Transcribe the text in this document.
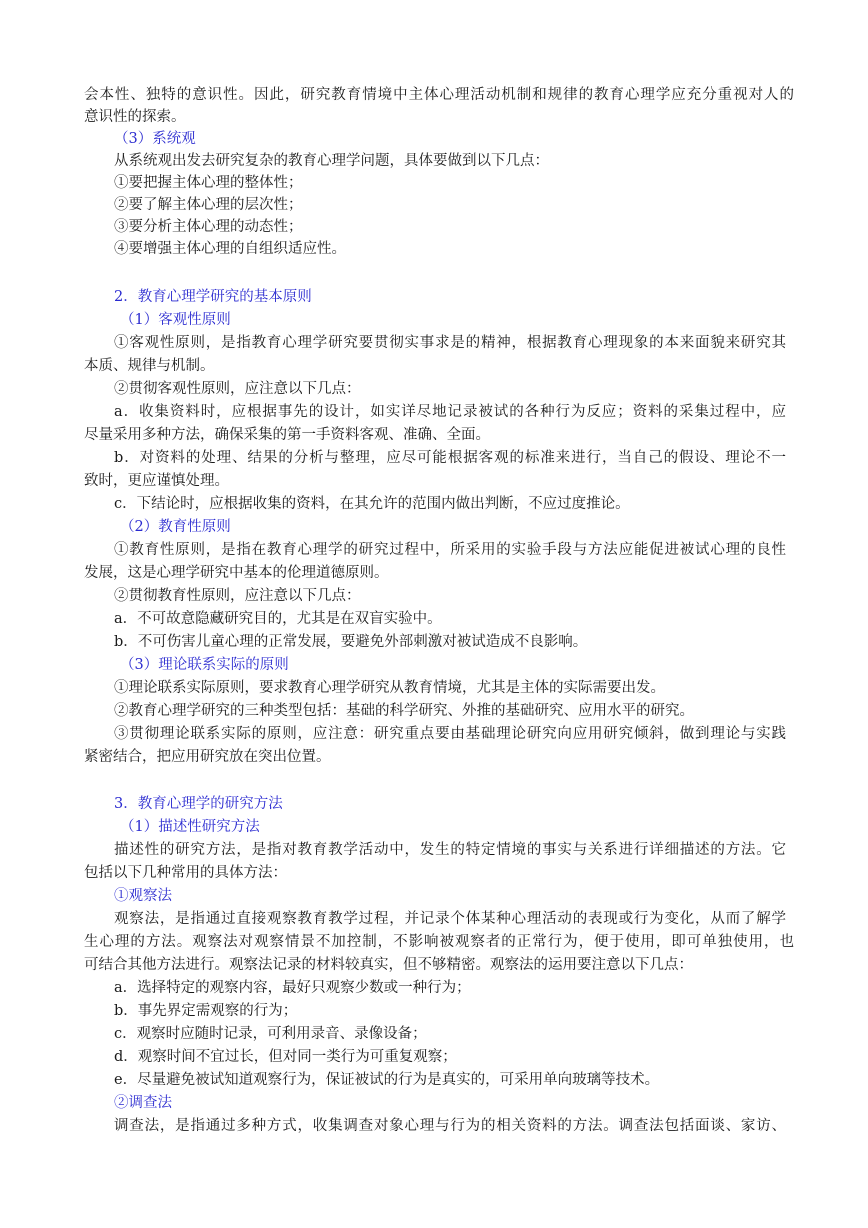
会本性、独特的意识性。因此，研究教育情境中主体心理活动机制和规律的教育心理学应充分重视对人的
意识性的探索。
（3）系统观
从系统观出发去研究复杂的教育心理学问题，具体要做到以下几点：
①要把握主体心理的整体性；
②要了解主体心理的层次性；
③要分析主体心理的动态性；
④要增强主体心理的自组织适应性。
2．教育心理学研究的基本原则
（1）客观性原则
①客观性原则，是指教育心理学研究要贯彻实事求是的精神，根据教育心理现象的本来面貌来研究其
本质、规律与机制。
②贯彻客观性原则，应注意以下几点：
a．收集资料时，应根据事先的设计，如实详尽地记录被试的各种行为反应；资料的采集过程中，应
尽量采用多种方法，确保采集的第一手资料客观、准确、全面。
b．对资料的处理、结果的分析与整理，应尽可能根据客观的标准来进行，当自己的假设、理论不一
致时，更应谨慎处理。
c．下结论时，应根据收集的资料，在其允许的范围内做出判断，不应过度推论。
（2）教育性原则
①教育性原则，是指在教育心理学的研究过程中，所采用的实验手段与方法应能促进被试心理的良性
发展，这是心理学研究中基本的伦理道德原则。
②贯彻教育性原则，应注意以下几点：
a．不可故意隐藏研究目的，尤其是在双盲实验中。
b．不可伤害儿童心理的正常发展，要避免外部刺激对被试造成不良影响。
（3）理论联系实际的原则
①理论联系实际原则，要求教育心理学研究从教育情境，尤其是主体的实际需要出发。
②教育心理学研究的三种类型包括：基础的科学研究、外推的基础研究、应用水平的研究。
③贯彻理论联系实际的原则，应注意：研究重点要由基础理论研究向应用研究倾斜，做到理论与实践
紧密结合，把应用研究放在突出位置。
3．教育心理学的研究方法
（1）描述性研究方法
描述性的研究方法，是指对教育教学活动中，发生的特定情境的事实与关系进行详细描述的方法。它
包括以下几种常用的具体方法：
①观察法
观察法，是指通过直接观察教育教学过程，并记录个体某种心理活动的表现或行为变化，从而了解学
生心理的方法。观察法对观察情景不加控制，不影响被观察者的正常行为，便于使用，即可单独使用，也
可结合其他方法进行。观察法记录的材料较真实，但不够精密。观察法的运用要注意以下几点：
a．选择特定的观察内容，最好只观察少数或一种行为；
b．事先界定需观察的行为；
c．观察时应随时记录，可利用录音、录像设备；
d．观察时间不宜过长，但对同一类行为可重复观察；
e．尽量避免被试知道观察行为，保证被试的行为是真实的，可采用单向玻璃等技术。
②调查法
调查法，是指通过多种方式，收集调查对象心理与行为的相关资料的方法。调查法包括面谈、家访、
